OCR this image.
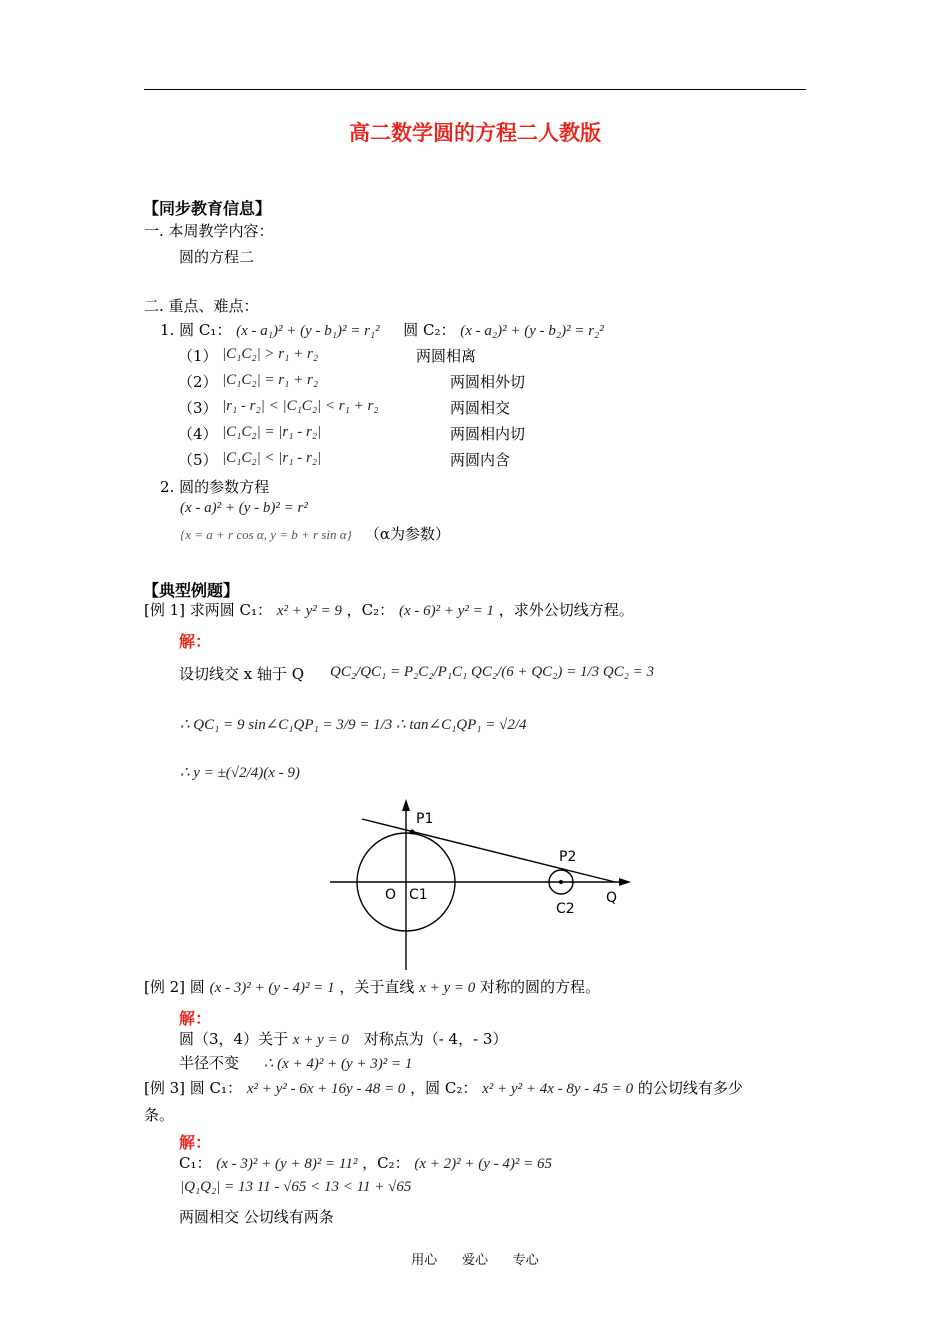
高二数学圆的方程二人教版
【同步教育信息】
一. 本周教学内容：
圆的方程二
二. 重点、难点：
1. 圆 C₁： (x - a₁)² + (y - b₁)² = r₁² 圆 C₂： (x - a₂)² + (y - b₂)² = r₂²
（1） |C₁C₂| > r₁ + r₂	两圆相离
（2） |C₁C₂| = r₁ + r₂	两圆相外切
（3） |r₁ - r₂| < |C₁C₂| < r₁ + r₂	两圆相交
（4） |C₁C₂| = |r₁ - r₂|	两圆相内切
（5） |C₁C₂| < |r₁ - r₂|	两圆内含
2. 圆的参数方程
(x - a)² + (y - b)² = r²
{x = a + r cos α, y = b + r sin α} （α为参数）
【典型例题】
[例 1] 求两圆 C₁： x² + y² = 9 ，C₂： (x - 6)² + y² = 1 ，求外公切线方程。
解：
设切线交 x 轴于 Q QC₂/QC₁ = P₂C₂/P₁C₁ QC₂/(6 + QC₂) = 1/3 QC₂ = 3
∴ QC₁ = 9 sin∠C₁QP₁ = 3/9 = 1/3 ∴ tan∠C₁QP₁ = √2/4
∴ y = ±(√2/4)(x - 9)
P1
P2
O C1
C2
Q
[例 2] 圆 (x - 3)² + (y - 4)² = 1 ，关于直线 x + y = 0 对称的圆的方程。
解：
圆（3，4）关于 x + y = 0 对称点为（- 4，- 3）
半径不变 ∴ (x + 4)² + (y + 3)² = 1
[例 3] 圆 C₁： x² + y² - 6x + 16y - 48 = 0 ，圆 C₂： x² + y² + 4x - 8y - 45 = 0 的公切线有多少
条。
解：
C₁： (x - 3)² + (y + 8)² = 11² ，C₂： (x + 2)² + (y - 4)² = 65
|Q₁Q₂| = 13 11 - √65 < 13 < 11 + √65
两圆相交 公切线有两条
用心      爱心      专心
